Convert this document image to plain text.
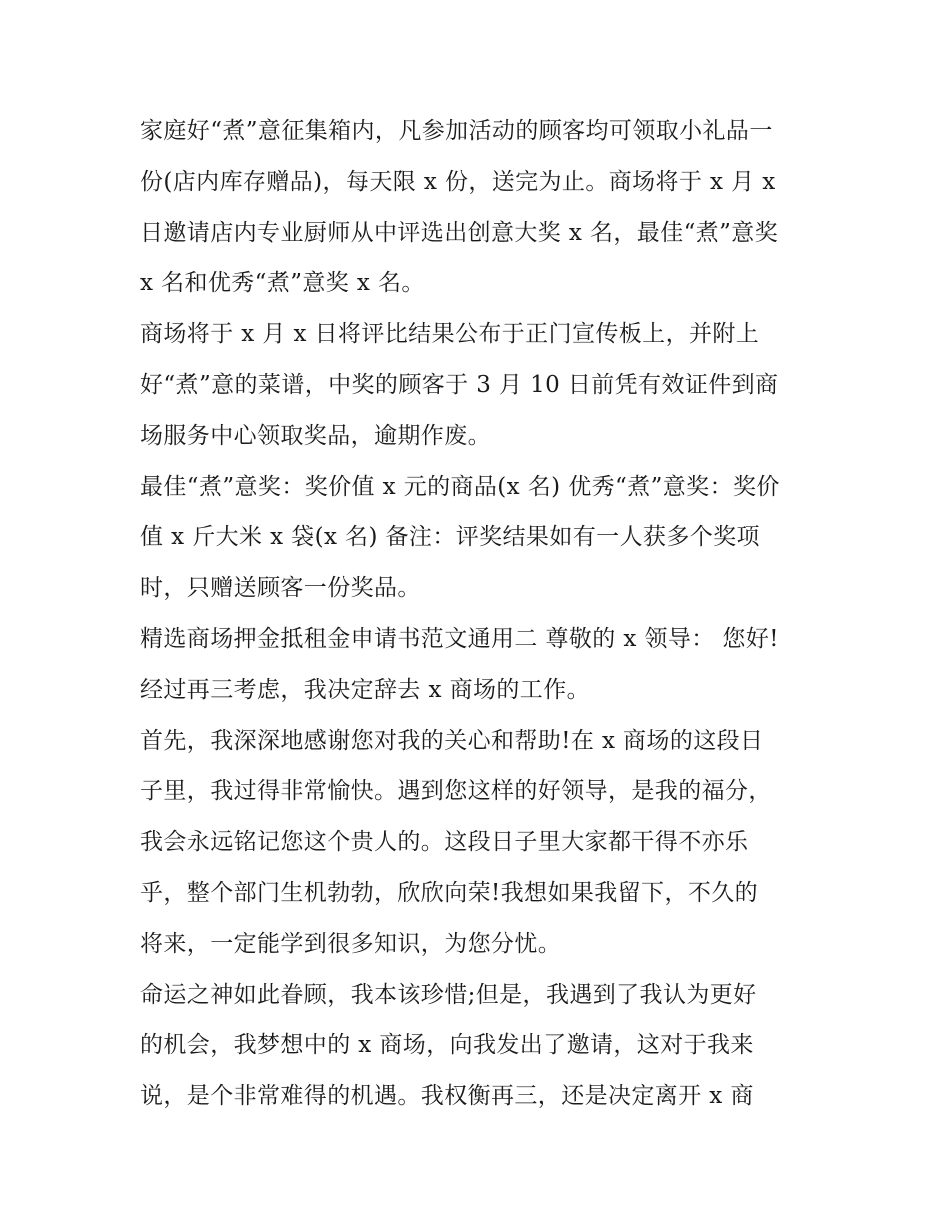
家庭好“煮”意征集箱内，凡参加活动的顾客均可领取小礼品一
份(店内库存赠品)，每天限 x 份，送完为止。商场将于 x 月 x
日邀请店内专业厨师从中评选出创意大奖 x 名，最佳“煮”意奖
x 名和优秀“煮”意奖 x 名。
商场将于 x 月 x 日将评比结果公布于正门宣传板上，并附上
好“煮”意的菜谱，中奖的顾客于 3 月 10 日前凭有效证件到商
场服务中心领取奖品，逾期作废。
最佳“煮”意奖：奖价值 x 元的商品(x 名) 优秀“煮”意奖：奖价
值 x 斤大米 x 袋(x 名) 备注：评奖结果如有一人获多个奖项
时，只赠送顾客一份奖品。
精选商场押金抵租金申请书范文通用二 尊敬的 x 领导： 您好!
经过再三考虑，我决定辞去 x 商场的工作。
首先，我深深地感谢您对我的关心和帮助!在 x 商场的这段日
子里，我过得非常愉快。遇到您这样的好领导，是我的福分，
我会永远铭记您这个贵人的。这段日子里大家都干得不亦乐
乎，整个部门生机勃勃，欣欣向荣!我想如果我留下，不久的
将来，一定能学到很多知识，为您分忧。
命运之神如此眷顾，我本该珍惜;但是，我遇到了我认为更好
的机会，我梦想中的 x 商场，向我发出了邀请，这对于我来
说，是个非常难得的机遇。我权衡再三，还是决定离开 x 商
